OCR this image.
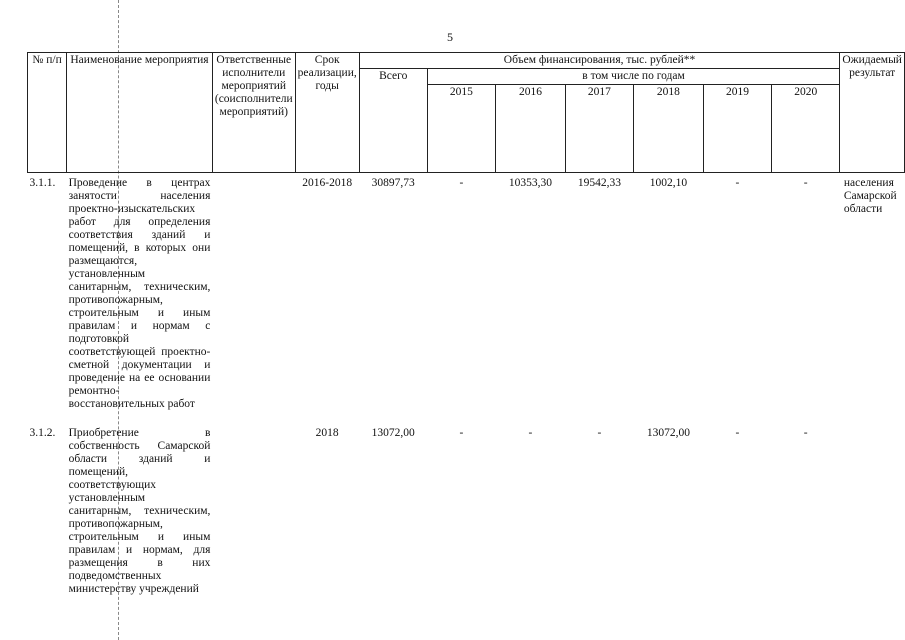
5
№ п/п	Наименование мероприятия	Ответственные исполнители мероприятий (соисполнители мероприятий)	Срок реализации, годы	Объем финансирования, тыс. рублей**							Ожидаемый результат
				Всего	в том числе по годам						
					2015	2016	2017	2018	2019	2020	
3.1.1.	Проведение в центрах занятости населения проектно-изыскательских работ для определения соответствия зданий и помещений, в которых они размещаются, установленным санитарным, техническим, противопожарным, строительным и иным правилам и нормам с подготовкой соответствующей проектно-сметной документации и проведение на ее основании ремонтно-восстановительных работ		2016-2018	30897,73	-	10353,30	19542,33	1002,10	-	-	населения Самарской области
3.1.2.	Приобретение в собственность Самарской области зданий и помещений, соответствующих установленным санитарным, техническим, противопожарным, строительным и иным правилам и нормам, для размещения в них подведомственных министерству учреждений		2018	13072,00	-	-	-	13072,00	-	-	
